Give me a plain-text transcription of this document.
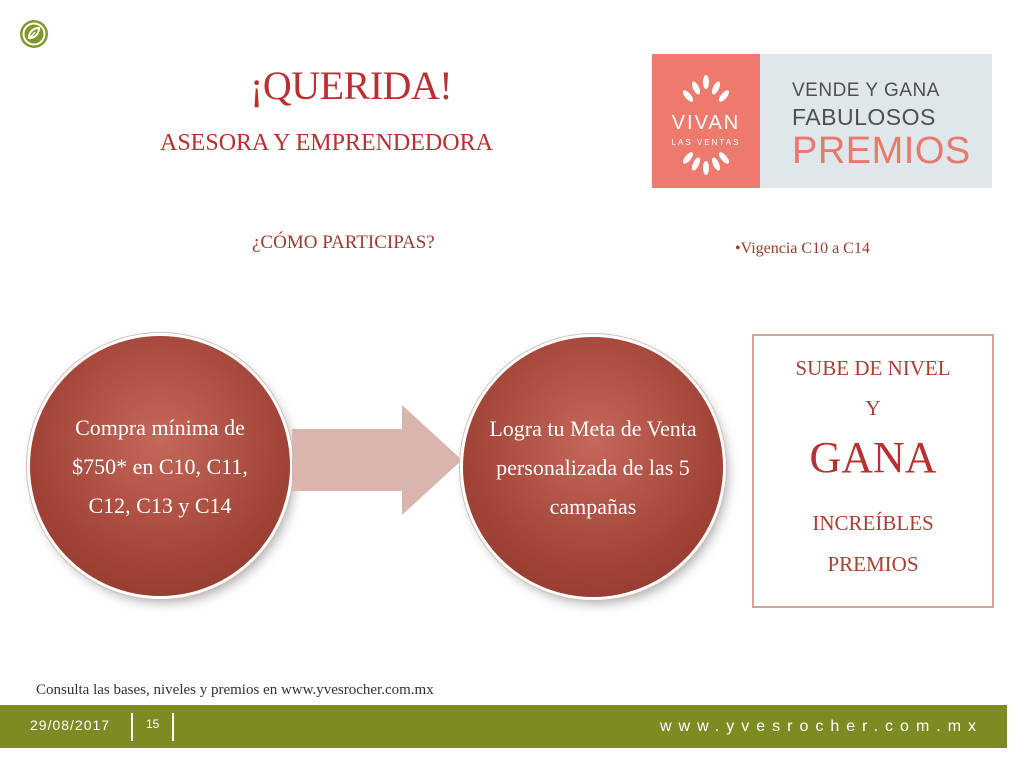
¡QUERIDA!
ASESORA Y EMPRENDEDORA
¿CÓMO PARTICIPAS?
VIVAN
LAS VENTAS
VENDE Y GANA
FABULOSOS
PREMIOS
•Vigencia C10 a C14
Compra mínima de $750* en C10, C11, C12, C13 y C14
Logra tu Meta de Venta personalizada de las 5 campañas
SUBE DE NIVEL
Y
GANA
INCREÍBLES
PREMIOS
Consulta las bases, niveles y premios en www.yvesrocher.com.mx
29/08/2017	15	www.yvesrocher.com.mx
